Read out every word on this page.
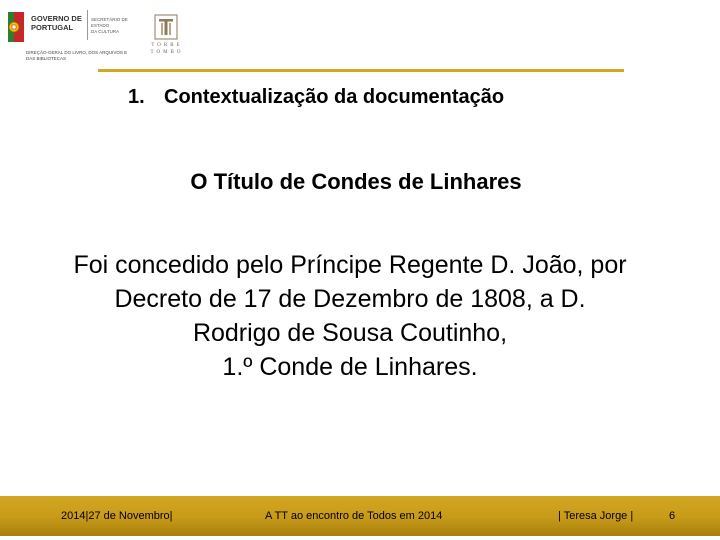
GOVERNO DE
PORTUGAL
SECRETÁRIO DE ESTADO
DA CULTURA
DIREÇÃO-GERAL DO LIVRO, DOS ARQUIVOS E
DAS BIBLIOTECAS
TORRE
TOMBO
1. Contextualização da documentação
O Título de Condes de Linhares
Foi concedido pelo Príncipe Regente D. João, por
Decreto de 17 de Dezembro de 1808, a D.
Rodrigo de Sousa Coutinho,
1.º Conde de Linhares.
2014|27 de Novembro|	A TT ao encontro de Todos em 2014	| Teresa Jorge |	6
